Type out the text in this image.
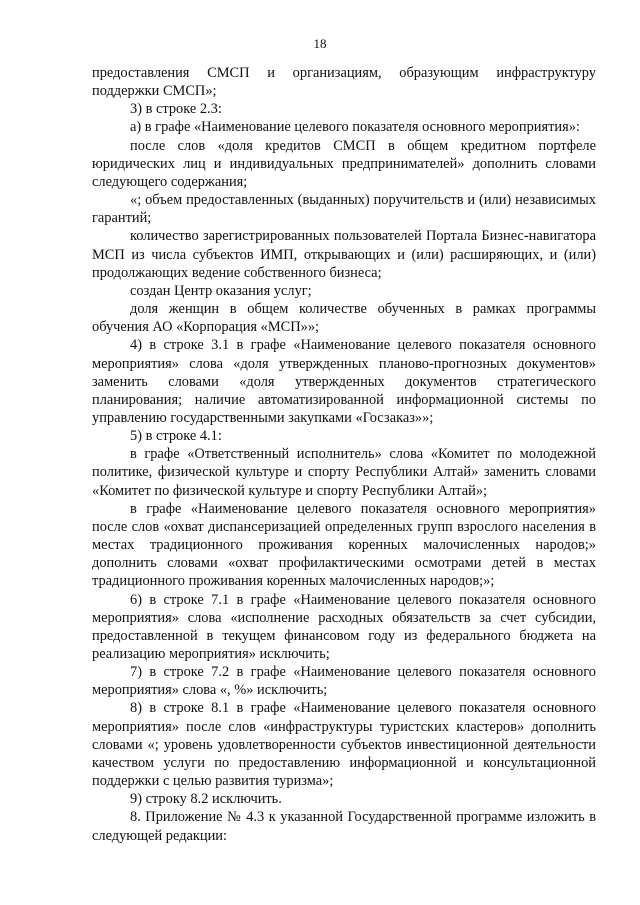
18

предоставления СМСП и организациям, образующим инфраструктуру поддержки СМСП»;

3) в строке 2.3:

а) в графе «Наименование целевого показателя основного мероприятия»:

после слов «доля кредитов СМСП в общем кредитном портфеле юридических лиц и индивидуальных предпринимателей» дополнить словами следующего содержания;

«; объем предоставленных (выданных) поручительств и (или) независимых гарантий;

количество зарегистрированных пользователей Портала Бизнес-навигатора МСП из числа субъектов ИМП, открывающих и (или) расширяющих, и (или) продолжающих ведение собственного бизнеса;

создан Центр оказания услуг;

доля женщин в общем количестве обученных в рамках программы обучения АО «Корпорация «МСП»»;

4) в строке 3.1 в графе «Наименование целевого показателя основного мероприятия» слова «доля утвержденных планово-прогнозных документов» заменить словами «доля утвержденных документов стратегического планирования; наличие автоматизированной информационной системы по управлению государственными закупками «Госзаказ»»;

5) в строке 4.1:

в графе «Ответственный исполнитель» слова «Комитет по молодежной политике, физической культуре и спорту Республики Алтай» заменить словами «Комитет по физической культуре и спорту Республики Алтай»;

в графе «Наименование целевого показателя основного мероприятия» после слов «охват диспансеризацией определенных групп взрослого населения в местах традиционного проживания коренных малочисленных народов;» дополнить словами «охват профилактическими осмотрами детей в местах традиционного проживания коренных малочисленных народов;»;

6) в строке 7.1 в графе «Наименование целевого показателя основного мероприятия» слова «исполнение расходных обязательств за счет субсидии, предоставленной в текущем финансовом году из федерального бюджета на реализацию мероприятия» исключить;

7) в строке 7.2 в графе «Наименование целевого показателя основного мероприятия» слова «, %» исключить;

8) в строке 8.1 в графе «Наименование целевого показателя основного мероприятия» после слов «инфраструктуры туристских кластеров» дополнить словами «; уровень удовлетворенности субъектов инвестиционной деятельности качеством услуги по предоставлению информационной и консультационной поддержки с целью развития туризма»;

9) строку 8.2 исключить.

8. Приложение № 4.3 к указанной Государственной программе изложить в следующей редакции:
